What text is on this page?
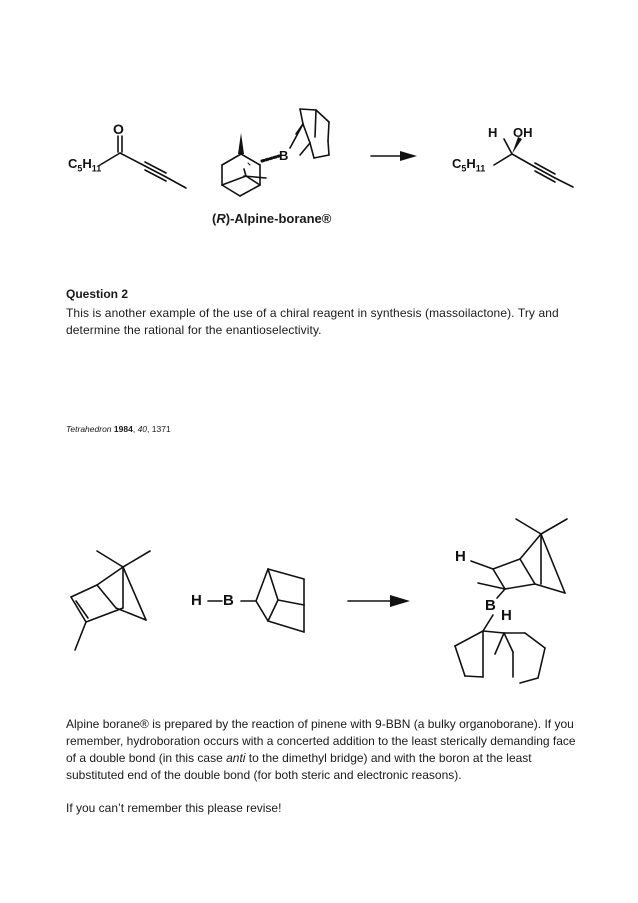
O
$C_5H_{11}$
B
(R)-Alpine-borane®
H OH
$C_5H_{11}$
Question 2
This is another example of the use of a chiral reagent in synthesis (massoilactone). Try and determine the rational for the enantioselectivity.
Tetrahedron 1984, 40, 1371
H B
H
B
H
Alpine borane® is prepared by the reaction of pinene with 9-BBN (a bulky organoborane). If you remember, hydroboration occurs with a concerted addition to the least sterically demanding face of a double bond (in this case anti to the dimethyl bridge) and with the boron at the least substituted end of the double bond (for both steric and electronic reasons).
If you can’t remember this please revise!
